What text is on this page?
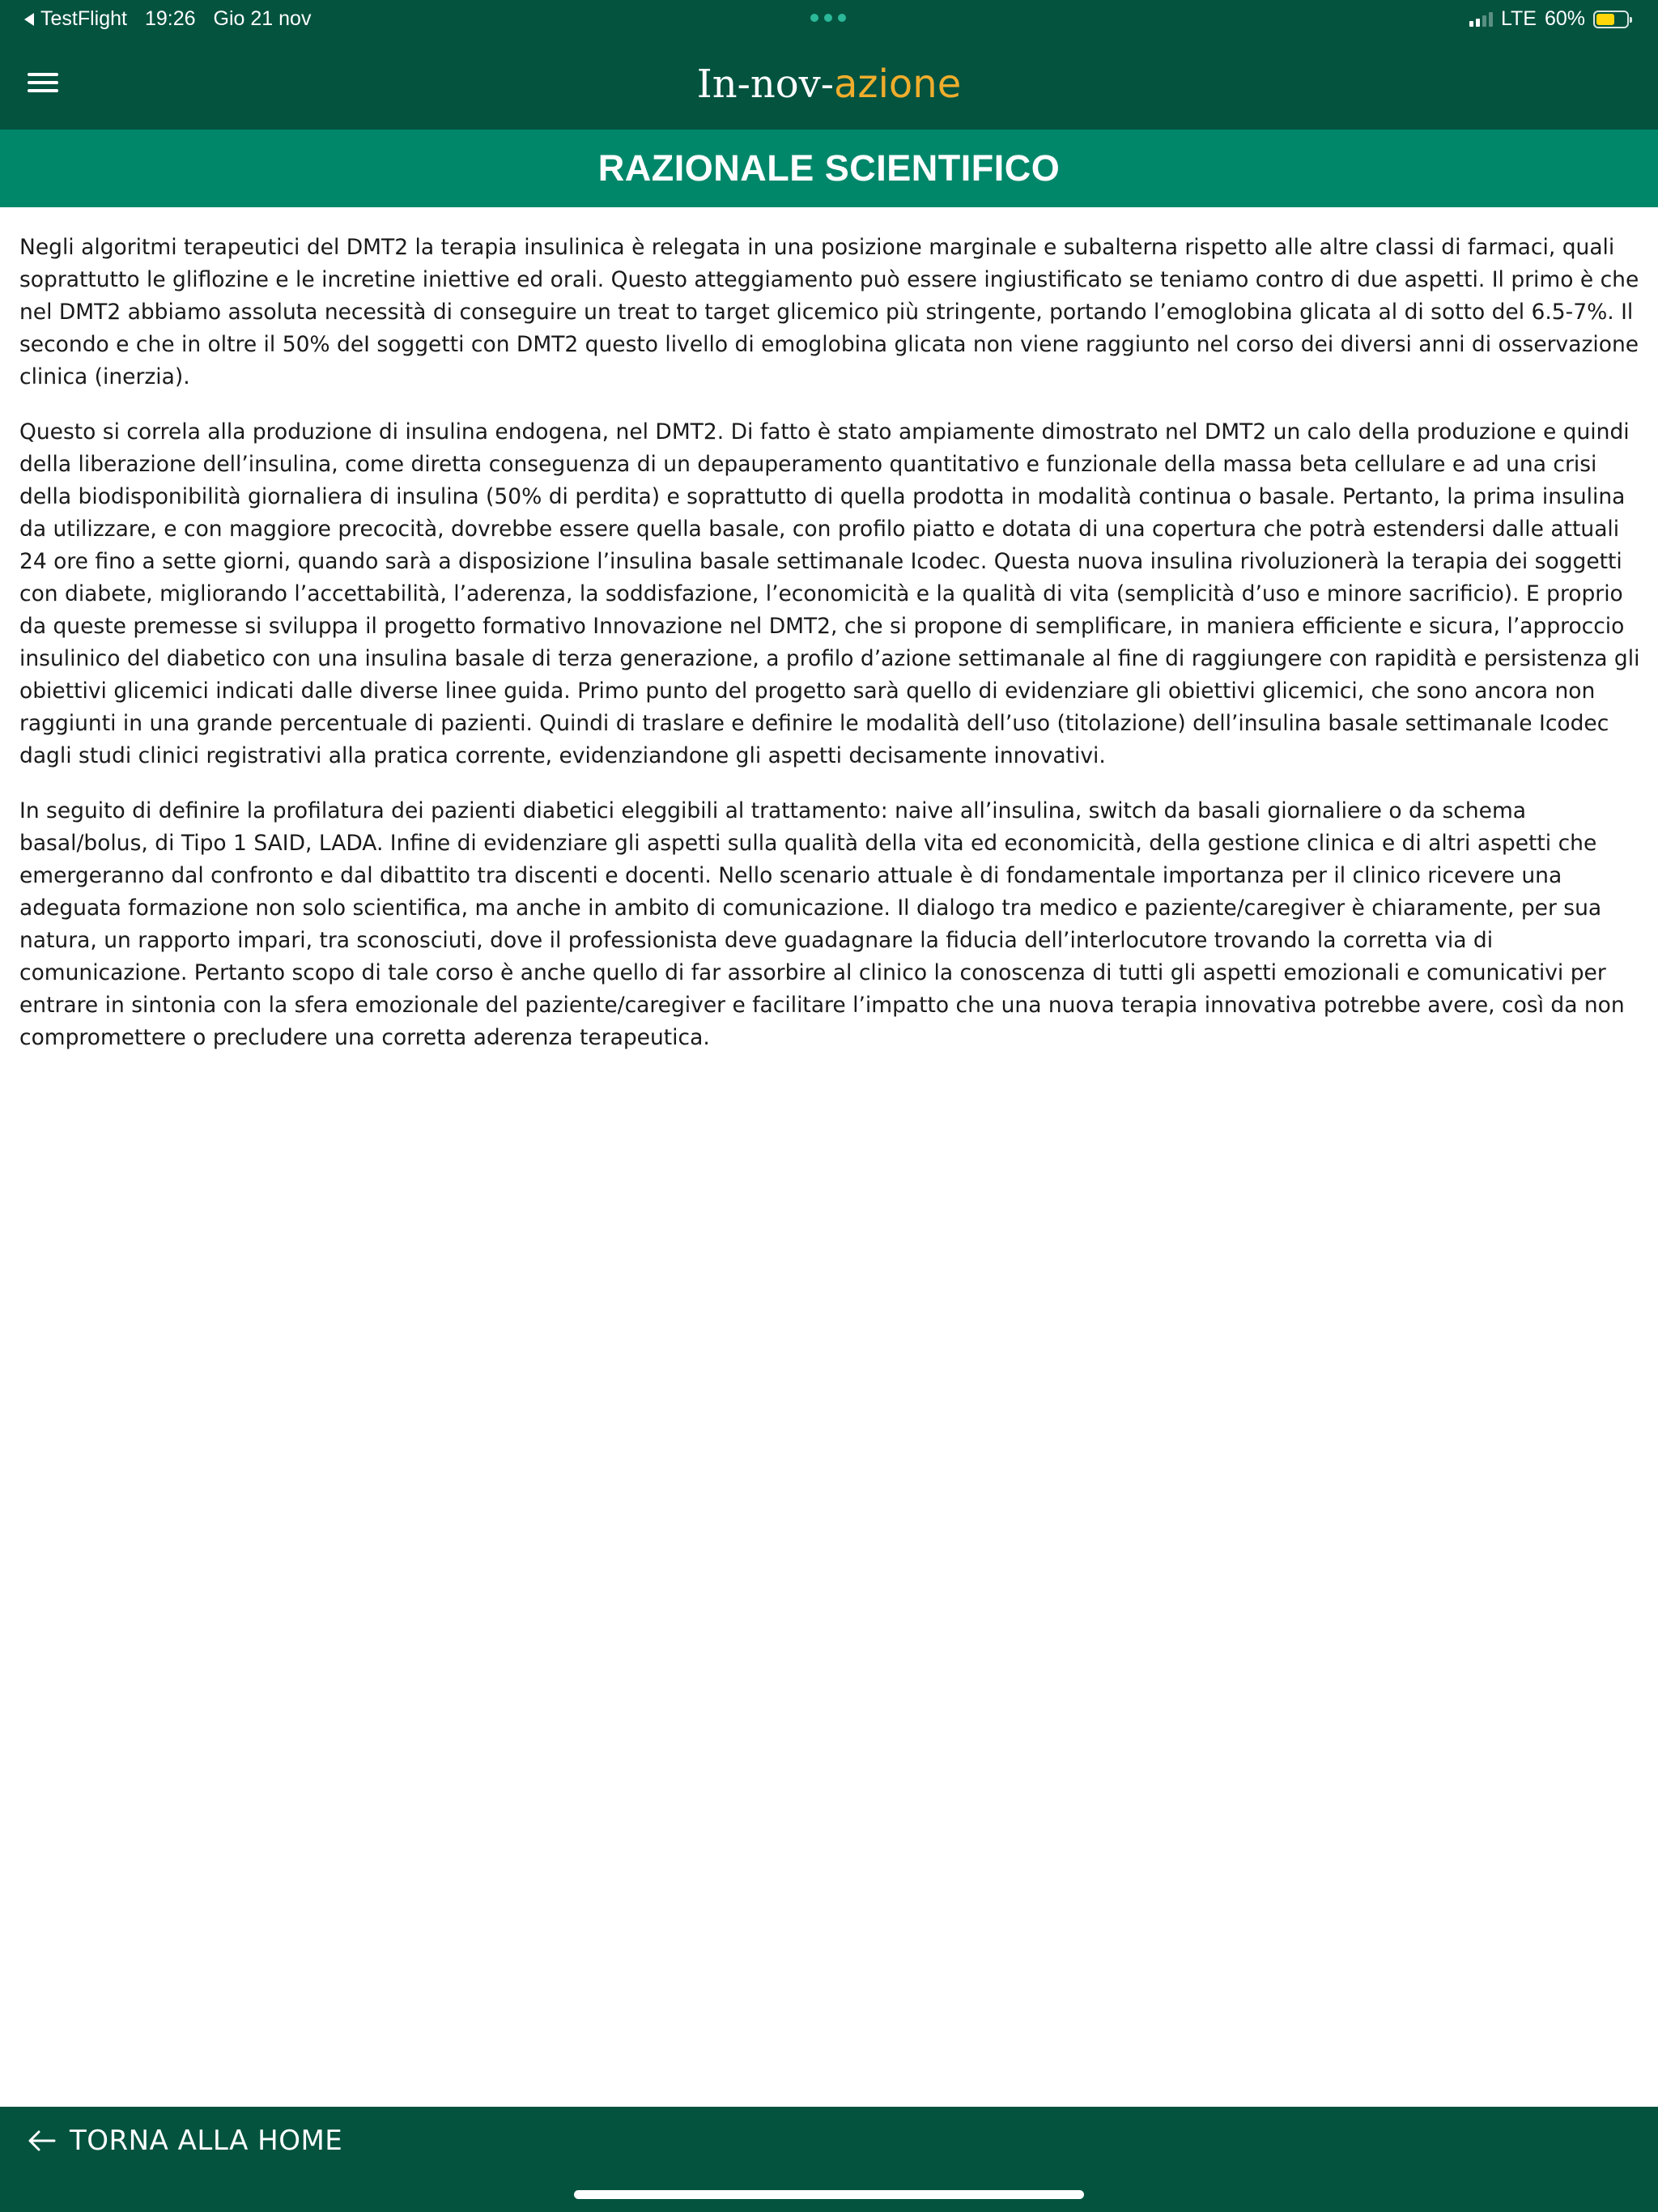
TestFlight 19:26 Gio 21 nov	LTE 60%
In-nov-azione
RAZIONALE SCIENTIFICO

Negli algoritmi terapeutici del DMT2 la terapia insulinica è relegata in una posizione marginale e subalterna rispetto alle altre classi di farmaci, quali soprattutto le gliflozine e le incretine iniettive ed orali. Questo atteggiamento può essere ingiustificato se teniamo contro di due aspetti. Il primo è che nel DMT2 abbiamo assoluta necessità di conseguire un treat to target glicemico più stringente, portando l’emoglobina glicata al di sotto del 6.5-7%. Il secondo e che in oltre il 50% deI soggetti con DMT2 questo livello di emoglobina glicata non viene raggiunto nel corso dei diversi anni di osservazione clinica (inerzia).

Questo si correla alla produzione di insulina endogena, nel DMT2. Di fatto è stato ampiamente dimostrato nel DMT2 un calo della produzione e quindi della liberazione dell’insulina, come diretta conseguenza di un depauperamento quantitativo e funzionale della massa beta cellulare e ad una crisi della biodisponibilità giornaliera di insulina (50% di perdita) e soprattutto di quella prodotta in modalità continua o basale. Pertanto, la prima insulina da utilizzare, e con maggiore precocità, dovrebbe essere quella basale, con profilo piatto e dotata di una copertura che potrà estendersi dalle attuali 24 ore fino a sette giorni, quando sarà a disposizione l’insulina basale settimanale Icodec. Questa nuova insulina rivoluzionerà la terapia dei soggetti con diabete, migliorando l’accettabilità, l’aderenza, la soddisfazione, l’economicità e la qualità di vita (semplicità d’uso e minore sacrificio). E proprio da queste premesse si sviluppa il progetto formativo Innovazione nel DMT2, che si propone di semplificare, in maniera efficiente e sicura, l’approccio insulinico del diabetico con una insulina basale di terza generazione, a profilo d’azione settimanale al fine di raggiungere con rapidità e persistenza gli obiettivi glicemici indicati dalle diverse linee guida. Primo punto del progetto sarà quello di evidenziare gli obiettivi glicemici, che sono ancora non raggiunti in una grande percentuale di pazienti. Quindi di traslare e definire le modalità dell’uso (titolazione) dell’insulina basale settimanale Icodec dagli studi clinici registrativi alla pratica corrente, evidenziandone gli aspetti decisamente innovativi.

In seguito di definire la profilatura dei pazienti diabetici eleggibili al trattamento: naive all’insulina, switch da basali giornaliere o da schema basal/bolus, di Tipo 1 SAID, LADA. Infine di evidenziare gli aspetti sulla qualità della vita ed economicità, della gestione clinica e di altri aspetti che emergeranno dal confronto e dal dibattito tra discenti e docenti. Nello scenario attuale è di fondamentale importanza per il clinico ricevere una adeguata formazione non solo scientifica, ma anche in ambito di comunicazione. Il dialogo tra medico e paziente/caregiver è chiaramente, per sua natura, un rapporto impari, tra sconosciuti, dove il professionista deve guadagnare la fiducia dell’interlocutore trovando la corretta via di comunicazione. Pertanto scopo di tale corso è anche quello di far assorbire al clinico la conoscenza di tutti gli aspetti emozionali e comunicativi per entrare in sintonia con la sfera emozionale del paziente/caregiver e facilitare l’impatto che una nuova terapia innovativa potrebbe avere, così da non compromettere o precludere una corretta aderenza terapeutica.

TORNA ALLA HOME
